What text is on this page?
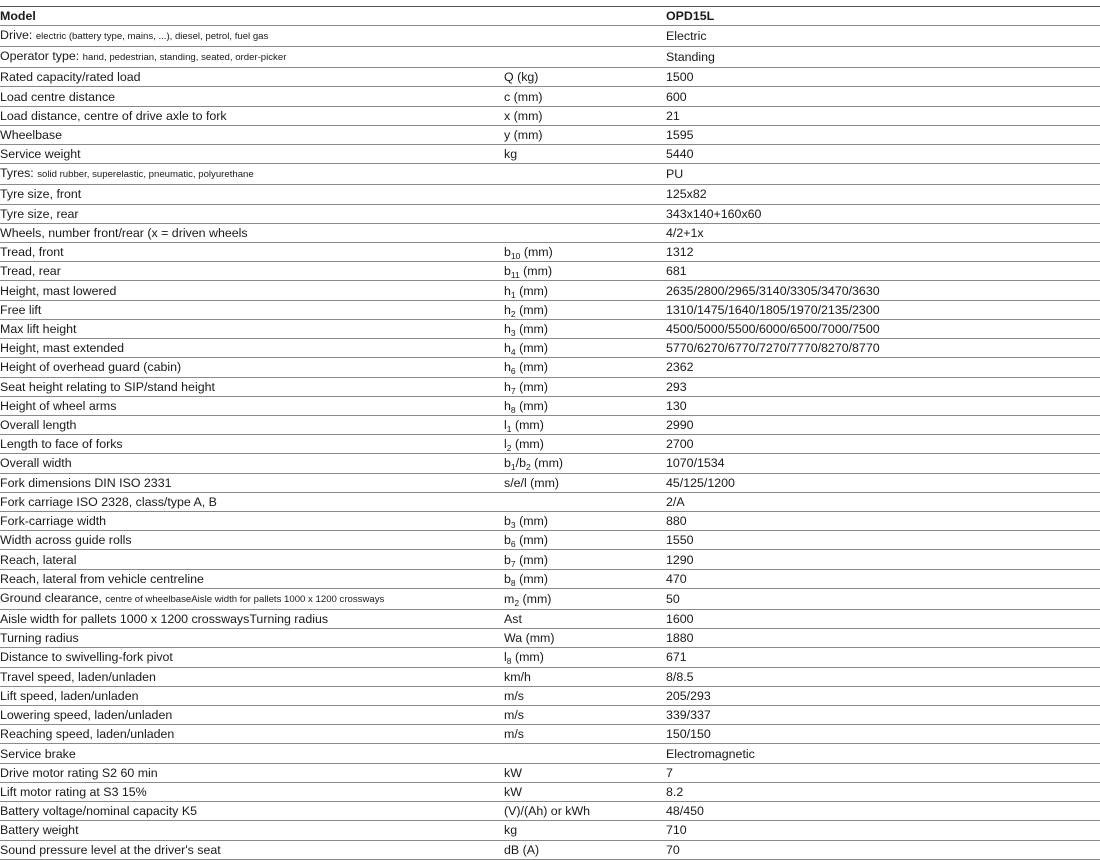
Model		OPD15L
Drive: electric (battery type, mains, ...), diesel, petrol, fuel gas		Electric
Operator type: hand, pedestrian, standing, seated, order-picker		Standing
Rated capacity/rated load	Q (kg)	1500
Load centre distance	c (mm)	600
Load distance, centre of drive axle to fork	x (mm)	21
Wheelbase	y (mm)	1595
Service weight	kg	5440
Tyres: solid rubber, superelastic, pneumatic, polyurethane		PU
Tyre size, front		125x82
Tyre size, rear		343x140+160x60
Wheels, number front/rear (x = driven wheels		4/2+1x
Tread, front	$b_{10}$ (mm)	1312
Tread, rear	$b_{11}$ (mm)	681
Height, mast lowered	$h_1$ (mm)	2635/2800/2965/3140/3305/3470/3630
Free lift	$h_2$ (mm)	1310/1475/1640/1805/1970/2135/2300
Max lift height	$h_3$ (mm)	4500/5000/5500/6000/6500/7000/7500
Height, mast extended	$h_4$ (mm)	5770/6270/6770/7270/7770/8270/8770
Height of overhead guard (cabin)	$h_6$ (mm)	2362
Seat height relating to SIP/stand height	$h_7$ (mm)	293
Height of wheel arms	$h_8$ (mm)	130
Overall length	$l_1$ (mm)	2990
Length to face of forks	$l_2$ (mm)	2700
Overall width	$b_1/b_2$ (mm)	1070/1534
Fork dimensions DIN ISO 2331	s/e/l (mm)	45/125/1200
Fork carriage ISO 2328, class/type A, B		2/A
Fork-carriage width	$b_3$ (mm)	880
Width across guide rolls	$b_6$ (mm)	1550
Reach, lateral	$b_7$ (mm)	1290
Reach, lateral from vehicle centreline	$b_8$ (mm)	470
Ground clearance, centre of wheelbaseAisle width for pallets 1000 x 1200 crossways	$m_2$ (mm)	50
Aisle width for pallets 1000 x 1200 crosswaysTurning radius	Ast	1600
Turning radius	Wa (mm)	1880
Distance to swivelling-fork pivot	$l_8$ (mm)	671
Travel speed, laden/unladen	km/h	8/8.5
Lift speed, laden/unladen	m/s	205/293
Lowering speed, laden/unladen	m/s	339/337
Reaching speed, laden/unladen	m/s	150/150
Service brake		Electromagnetic
Drive motor rating S2 60 min	kW	7
Lift motor rating at S3 15%	kW	8.2
Battery voltage/nominal capacity K5	(V)/(Ah) or kWh	48/450
Battery weight	kg	710
Sound pressure level at the driver's seat	dB (A)	70
